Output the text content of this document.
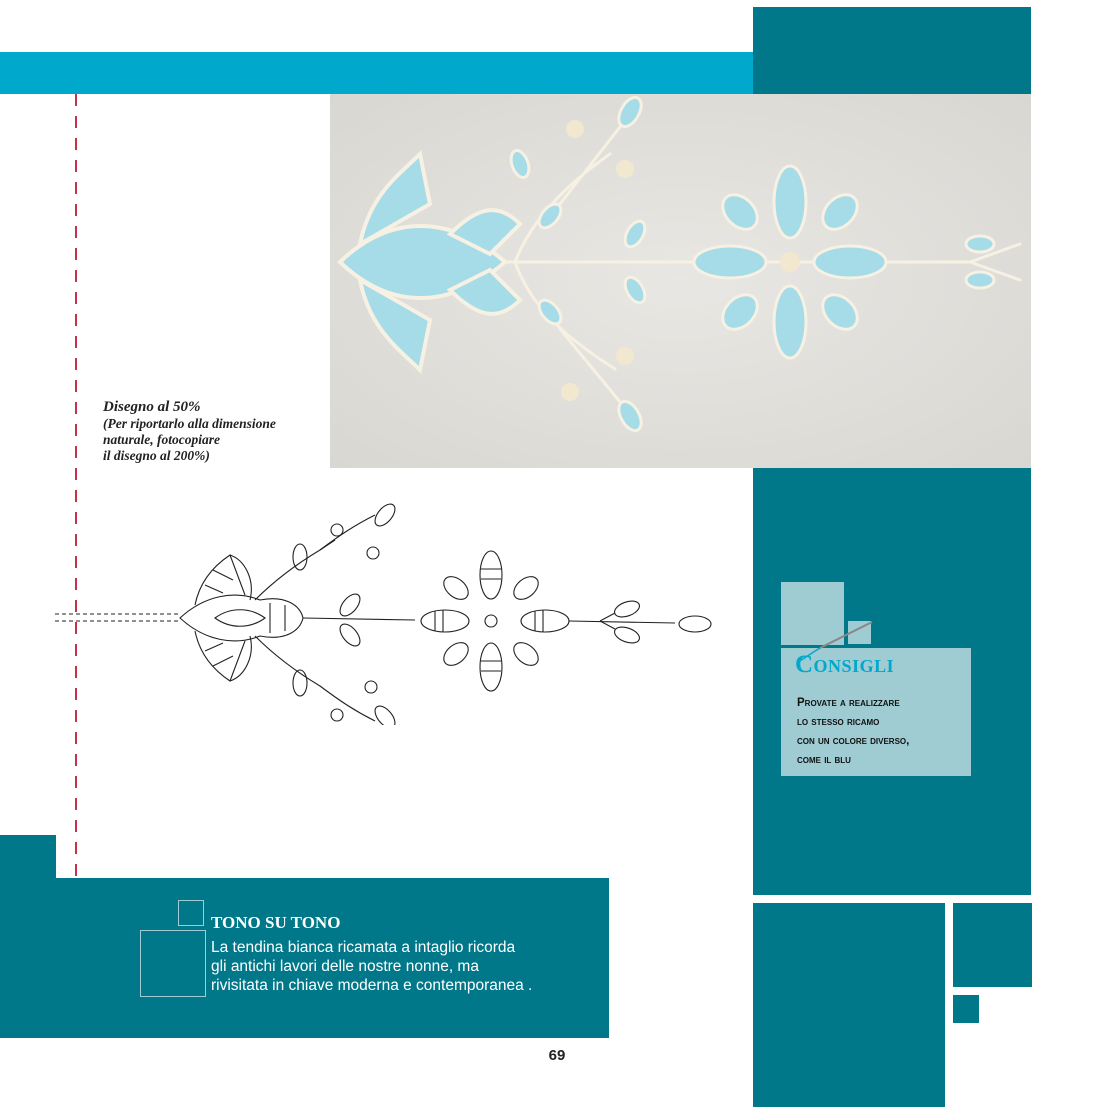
Disegno al 50%
(Per riportarlo alla dimensione
naturale, fotocopiare
il disegno al 200%)
Consigli
Provate a realizzare
lo stesso ricamo
con un colore diverso,
come il blu
TONO SU TONO
La tendina bianca ricamata a intaglio ricorda
gli antichi lavori delle nostre nonne, ma
rivisitata in chiave moderna e contemporanea .
69
